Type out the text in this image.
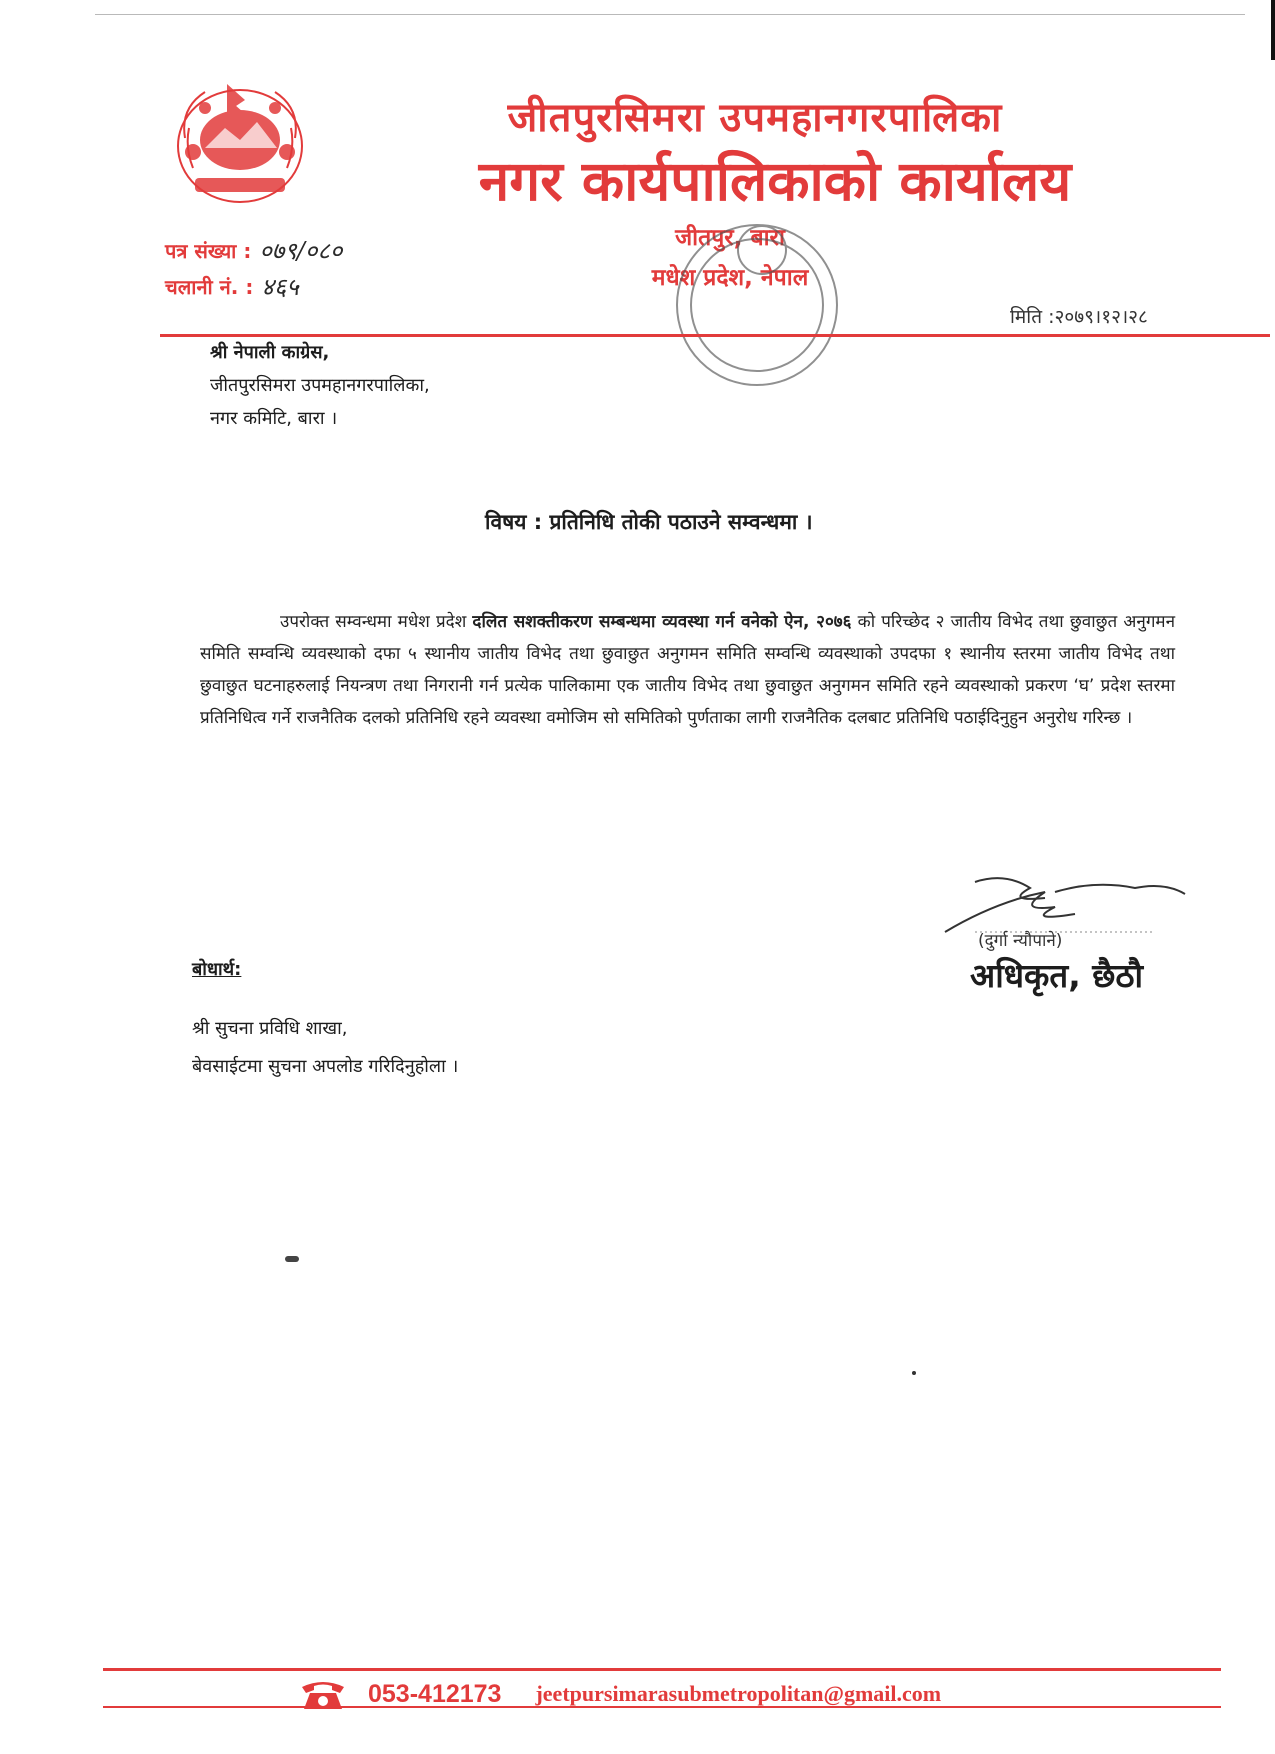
जीतपुरसिमरा उपमहानगरपालिका
नगर कार्यपालिकाको कार्यालय
पत्र संख्या : ०७९/०८०
चलानी नं. : ४६५
जीतपुर, बारा
मधेश प्रदेश, नेपाल
मिति :२०७९।१२।२८
श्री नेपाली काग्रेस,
जीतपुरसिमरा उपमहानगरपालिका,
नगर कमिटि, बारा ।
विषय : प्रतिनिधि तोकी पठाउने सम्वन्धमा ।
उपरोक्त सम्वन्धमा मधेश प्रदेश दलित सशक्तीकरण सम्बन्धमा व्यवस्था गर्न वनेको ऐन, २०७६ को परिच्छेद २ जातीय विभेद तथा छुवाछुत अनुगमन समिति सम्वन्धि व्यवस्थाको दफा ५ स्थानीय जातीय विभेद तथा छुवाछुत अनुगमन समिति सम्वन्धि व्यवस्थाको उपदफा १ स्थानीय स्तरमा जातीय विभेद तथा छुवाछुत घटनाहरुलाई नियन्त्रण तथा निगरानी गर्न प्रत्येक पालिकामा एक जातीय विभेद तथा छुवाछुत अनुगमन समिति रहने व्यवस्थाको प्रकरण ‘घ’ प्रदेश स्तरमा प्रतिनिधित्व गर्ने राजनैतिक दलको प्रतिनिधि रहने व्यवस्था वमोजिम सो समितिको पुर्णताका लागी राजनैतिक दलबाट प्रतिनिधि पठाईदिनुहुन अनुरोध गरिन्छ ।
(दुर्गा न्यौपाने)
अधिकृत, छैठौ
बोधार्थ:
श्री सुचना प्रविधि शाखा,
बेवसाईटमा सुचना अपलोड गरिदिनुहोला ।
053-412173 jeetpursimarasubmetropolitan@gmail.com
